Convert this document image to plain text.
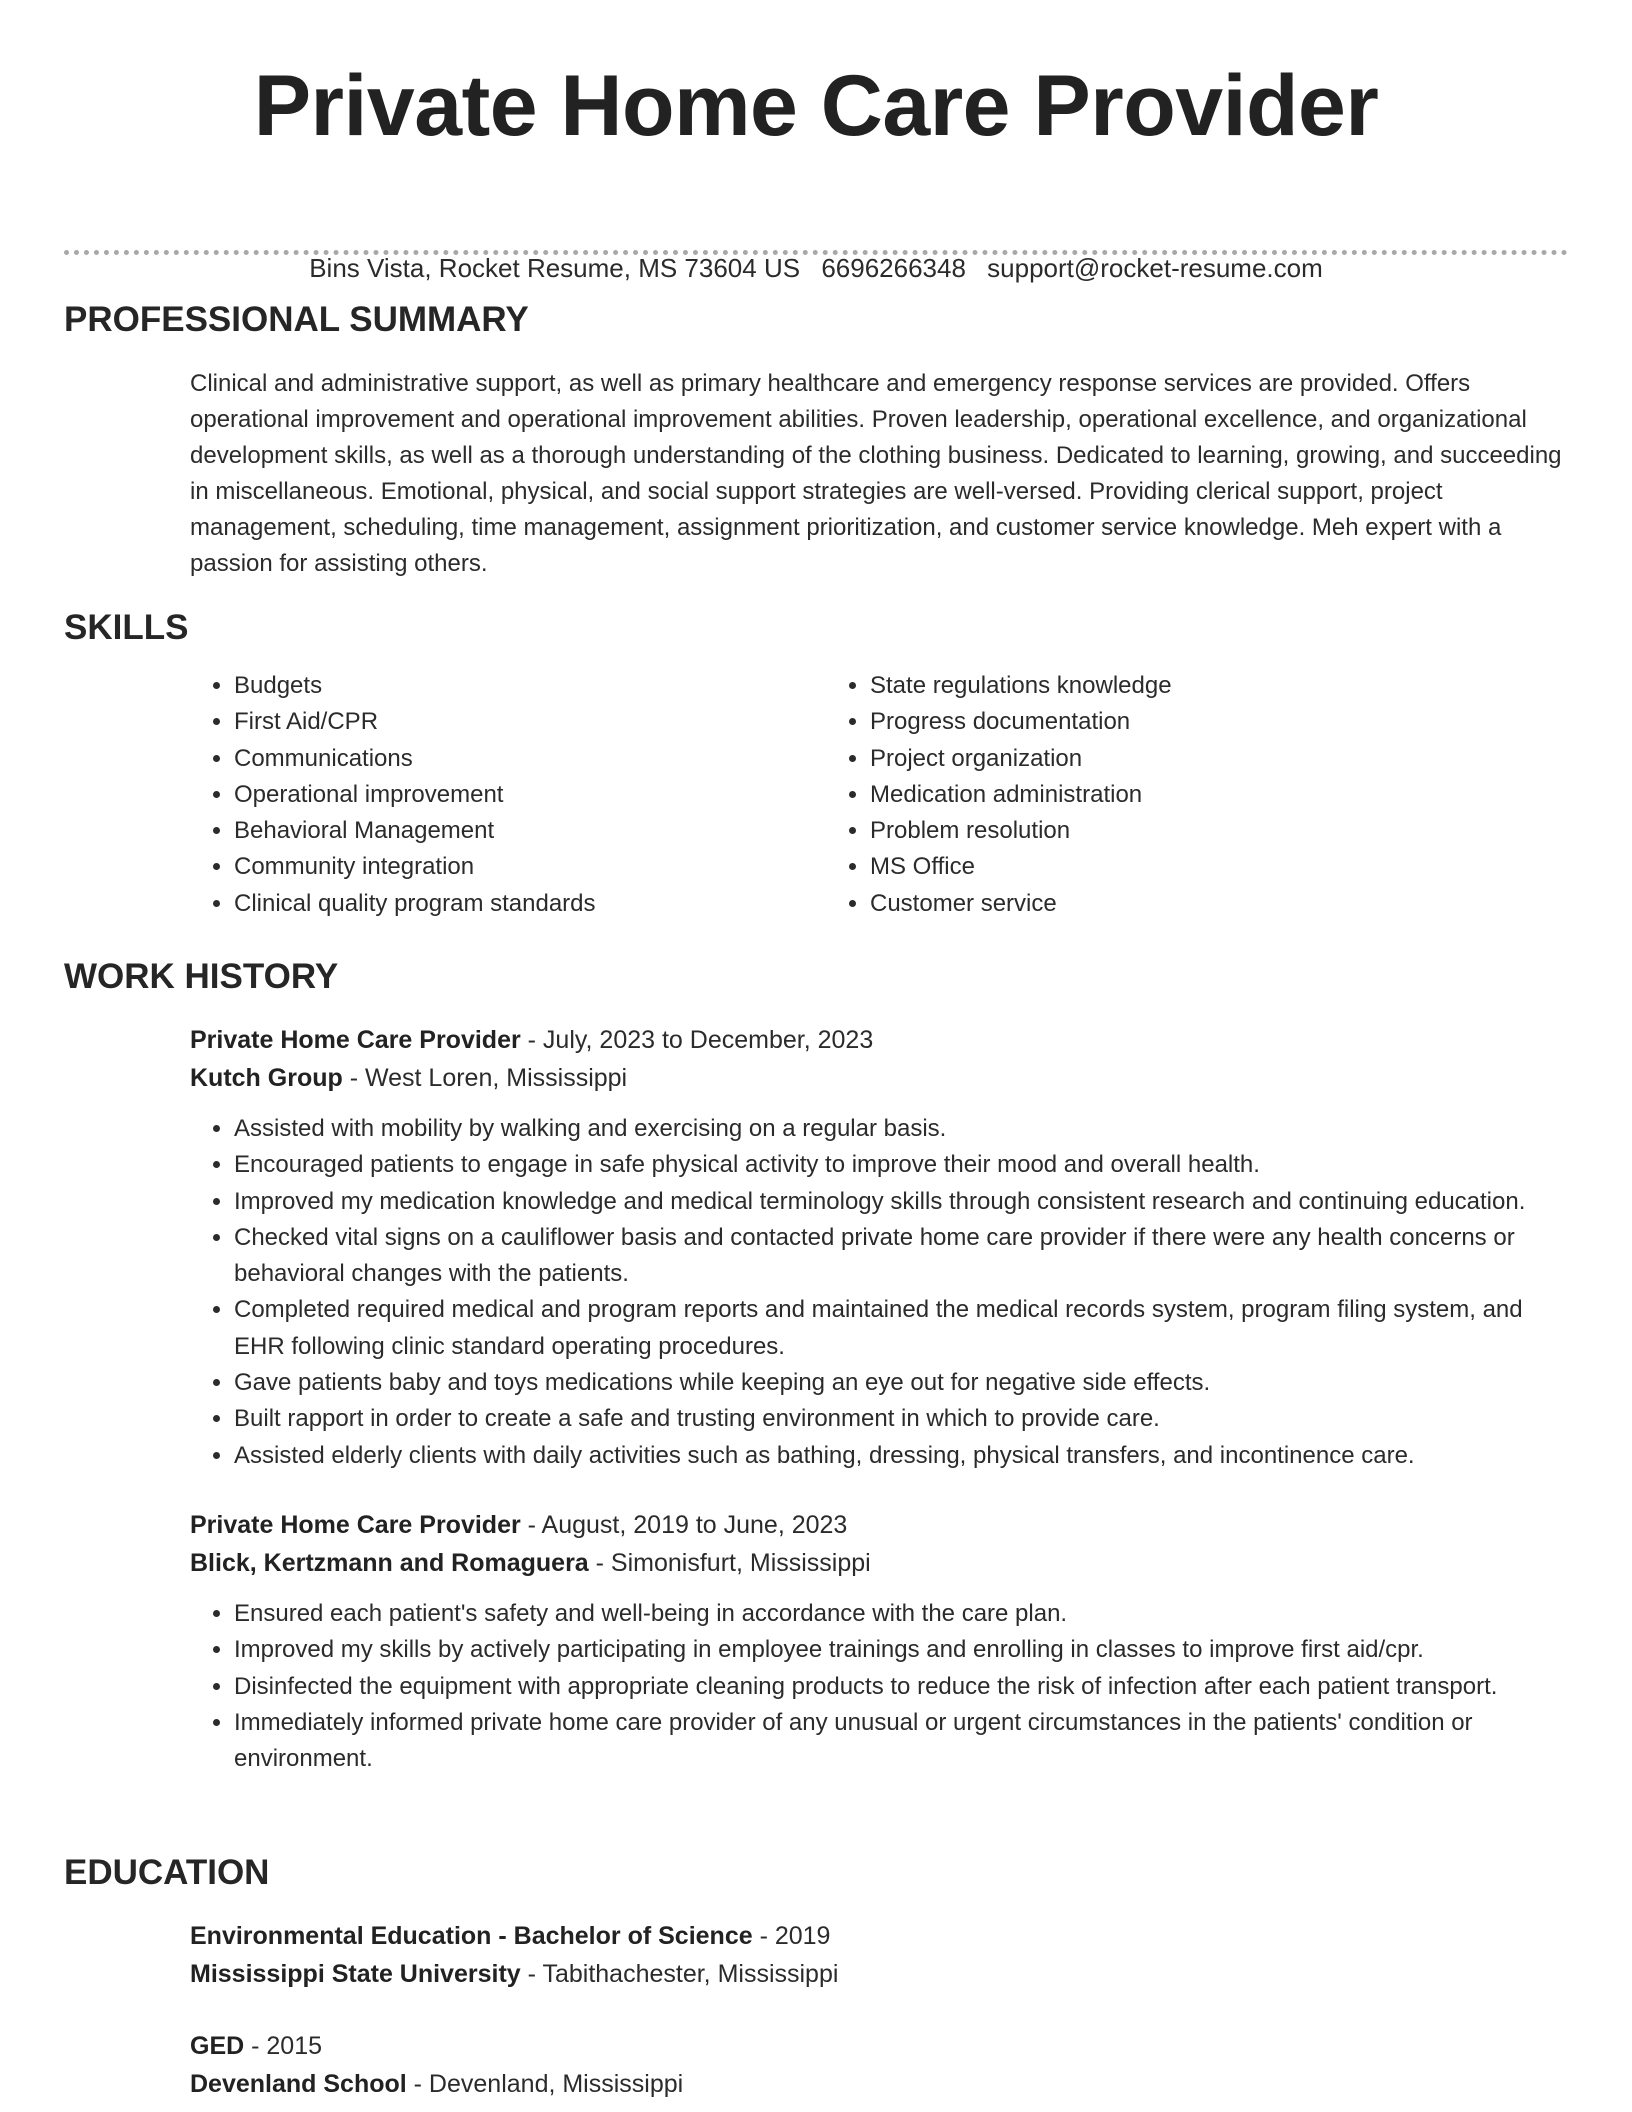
Private Home Care Provider
Bins Vista, Rocket Resume, MS 73604 US 6696266348 support@rocket-resume.com
PROFESSIONAL SUMMARY

Clinical and administrative support, as well as primary healthcare and emergency response services are provided. Offers operational improvement and operational improvement abilities. Proven leadership, operational excellence, and organizational development skills, as well as a thorough understanding of the clothing business. Dedicated to learning, growing, and succeeding in miscellaneous. Emotional, physical, and social support strategies are well-versed. Providing clerical support, project management, scheduling, time management, assignment prioritization, and customer service knowledge. Meh expert with a passion for assisting others.

SKILLS
• Budgets
• First Aid/CPR
• Communications
• Operational improvement
• Behavioral Management
• Community integration
• Clinical quality program standards
• State regulations knowledge
• Progress documentation
• Project organization
• Medication administration
• Problem resolution
• MS Office
• Customer service
WORK HISTORY
Private Home Care Provider - July, 2023 to December, 2023
Kutch Group - West Loren, Mississippi
• Assisted with mobility by walking and exercising on a regular basis.
• Encouraged patients to engage in safe physical activity to improve their mood and overall health.
• Improved my medication knowledge and medical terminology skills through consistent research and continuing education.
• Checked vital signs on a cauliflower basis and contacted private home care provider if there were any health concerns or behavioral changes with the patients.
• Completed required medical and program reports and maintained the medical records system, program filing system, and EHR following clinic standard operating procedures.
• Gave patients baby and toys medications while keeping an eye out for negative side effects.
• Built rapport in order to create a safe and trusting environment in which to provide care.
• Assisted elderly clients with daily activities such as bathing, dressing, physical transfers, and incontinence care.
Private Home Care Provider - August, 2019 to June, 2023
Blick, Kertzmann and Romaguera - Simonisfurt, Mississippi
• Ensured each patient's safety and well-being in accordance with the care plan.
• Improved my skills by actively participating in employee trainings and enrolling in classes to improve first aid/cpr.
• Disinfected the equipment with appropriate cleaning products to reduce the risk of infection after each patient transport.
• Immediately informed private home care provider of any unusual or urgent circumstances in the patients' condition or environment.
EDUCATION
Environmental Education - Bachelor of Science - 2019
Mississippi State University - Tabithachester, Mississippi
GED - 2015
Devenland School - Devenland, Mississippi
